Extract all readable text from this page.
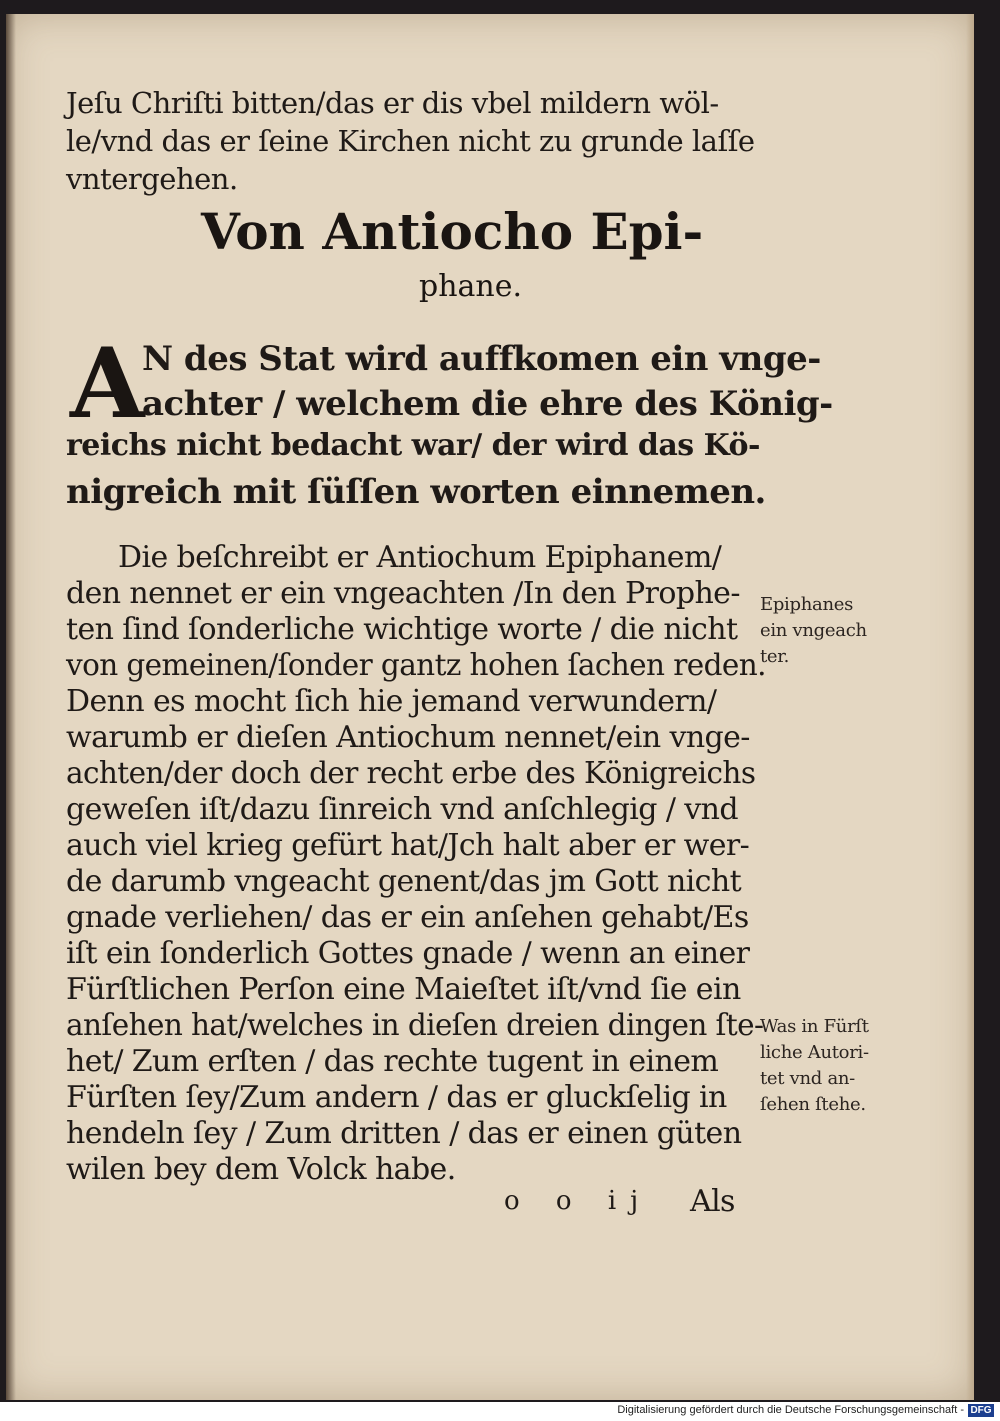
Jeſu Chriſti bitten/das er dis vbel mildern wöl-
le/vnd das er ſeine Kirchen nicht zu grunde laſſe
vntergehen.
Von Antiocho Epi-
phane.
A
N des Stat wird auffkomen ein vnge-
achter / welchem die ehre des König-
reichs nicht bedacht war/ der wird das Kö-
nigreich mit ſüſſen worten einnemen.
Die beſchreibt er Antiochum Epiphanem/
den nennet er ein vngeachten /In den Prophe-
ten ſind ſonderliche wichtige worte / die nicht
von gemeinen/ſonder gantz hohen ſachen reden.
Denn es mocht ſich hie jemand verwundern/
warumb er dieſen Antiochum nennet/ein vnge-
achten/der doch der recht erbe des Königreichs
geweſen iſt/dazu ſinreich vnd anſchlegig / vnd
auch viel krieg gefürt hat/Jch halt aber er wer-
de darumb vngeacht genent/das jm Gott nicht
gnade verliehen/ das er ein anſehen gehabt/Es
iſt ein ſonderlich Gottes gnade / wenn an einer
Fürſtlichen Perſon eine Maieſtet iſt/vnd ſie ein
anſehen hat/welches in dieſen dreien dingen ſte-
het/ Zum erſten / das rechte tugent in einem
Fürſten ſey/Zum andern / das er gluckſelig in
hendeln ſey / Zum dritten / das er einen güten
wilen bey dem Volck habe.
Epiphanes
ein vngeach
ter.
Was in Fürſt
liche Autori-
tet vnd an-
ſehen ſtehe.
o o ij Als
Digitalisierung gefördert durch die Deutsche Forschungsgemeinschaft - DFG
